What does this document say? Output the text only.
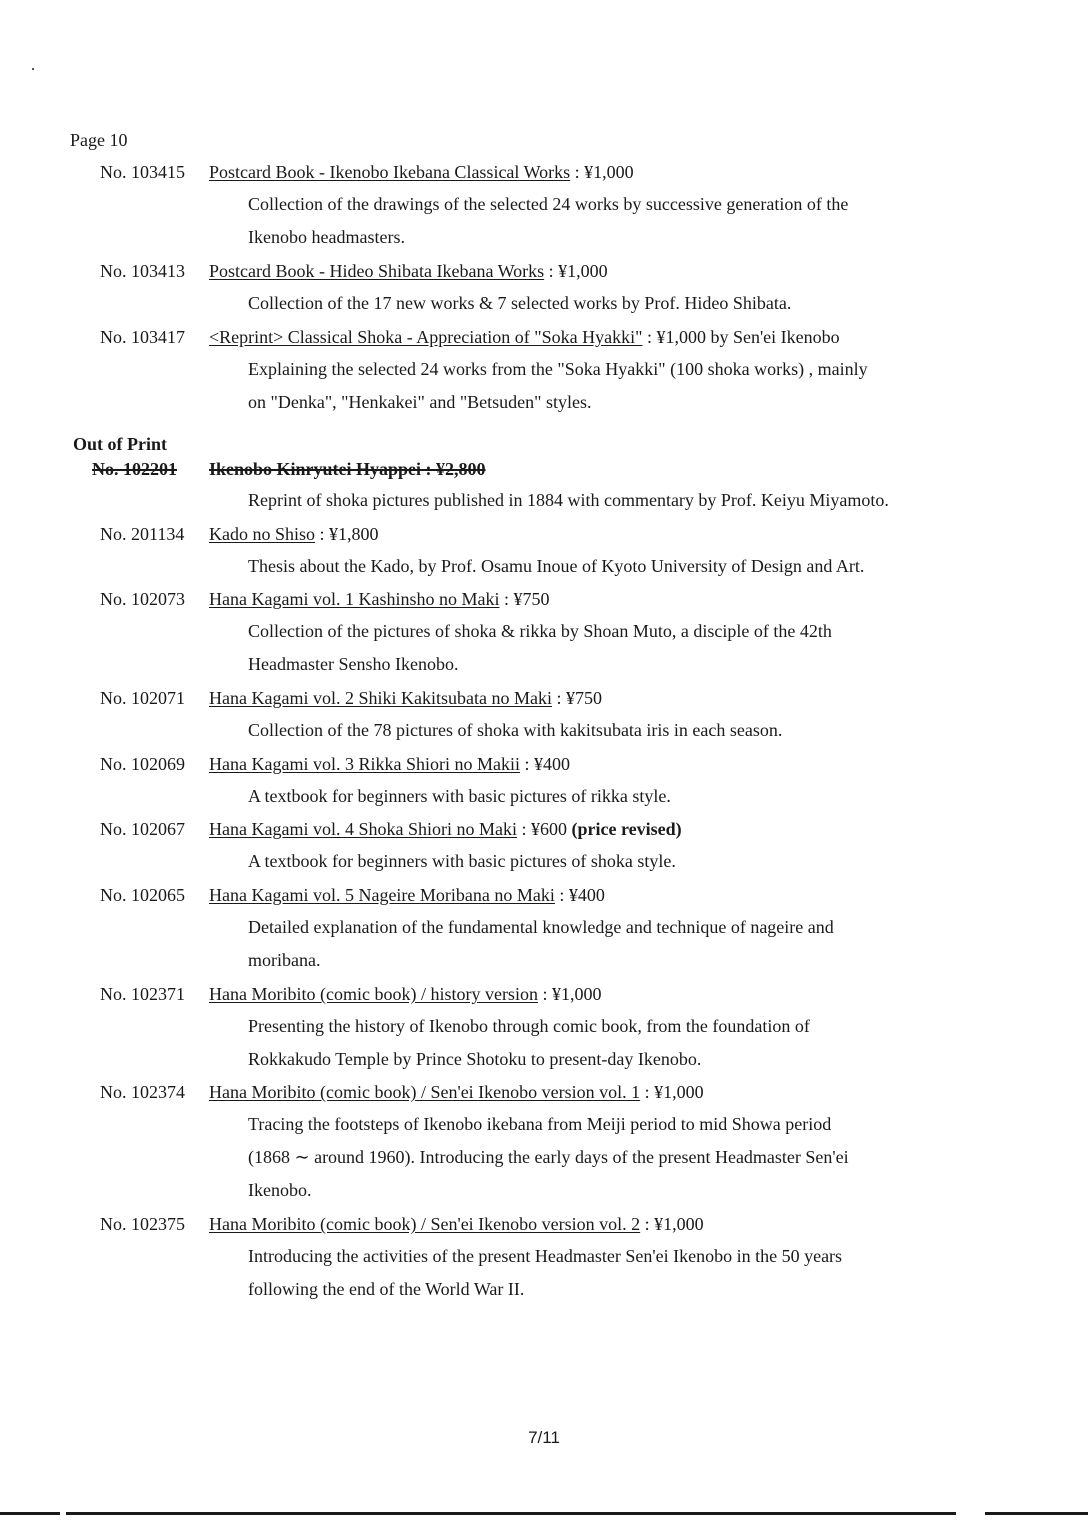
Page 10
No. 103415 Postcard Book - Ikenobo Ikebana Classical Works : ¥1,000
Collection of the drawings of the selected 24 works by successive generation of the
Ikenobo headmasters.
No. 103413 Postcard Book - Hideo Shibata Ikebana Works : ¥1,000
Collection of the 17 new works & 7 selected works by Prof. Hideo Shibata.
No. 103417 <Reprint> Classical Shoka - Appreciation of "Soka Hyakki" : ¥1,000 by Sen'ei Ikenobo
Explaining the selected 24 works from the "Soka Hyakki" (100 shoka works) , mainly
on "Denka", "Henkakei" and "Betsuden" styles.
Out of Print
No. 102201 Ikenobo Kinryutei Hyappei : ¥2,800
Reprint of shoka pictures published in 1884 with commentary by Prof. Keiyu Miyamoto.
No. 201134 Kado no Shiso : ¥1,800
Thesis about the Kado, by Prof. Osamu Inoue of Kyoto University of Design and Art.
No. 102073 Hana Kagami vol. 1 Kashinsho no Maki : ¥750
Collection of the pictures of shoka & rikka by Shoan Muto, a disciple of the 42th
Headmaster Sensho Ikenobo.
No. 102071 Hana Kagami vol. 2 Shiki Kakitsubata no Maki : ¥750
Collection of the 78 pictures of shoka with kakitsubata iris in each season.
No. 102069 Hana Kagami vol. 3 Rikka Shiori no Makii : ¥400
A textbook for beginners with basic pictures of rikka style.
No. 102067 Hana Kagami vol. 4 Shoka Shiori no Maki : ¥600 (price revised)
A textbook for beginners with basic pictures of shoka style.
No. 102065 Hana Kagami vol. 5 Nageire Moribana no Maki : ¥400
Detailed explanation of the fundamental knowledge and technique of nageire and
moribana.
No. 102371 Hana Moribito (comic book) / history version : ¥1,000
Presenting the history of Ikenobo through comic book, from the foundation of
Rokkakudo Temple by Prince Shotoku to present-day Ikenobo.
No. 102374 Hana Moribito (comic book) / Sen'ei Ikenobo version vol. 1 : ¥1,000
Tracing the footsteps of Ikenobo ikebana from Meiji period to mid Showa period
(1868 ∼ around 1960). Introducing the early days of the present Headmaster Sen'ei
Ikenobo.
No. 102375 Hana Moribito (comic book) / Sen'ei Ikenobo version vol. 2 : ¥1,000
Introducing the activities of the present Headmaster Sen'ei Ikenobo in the 50 years
following the end of the World War II.
7/11
